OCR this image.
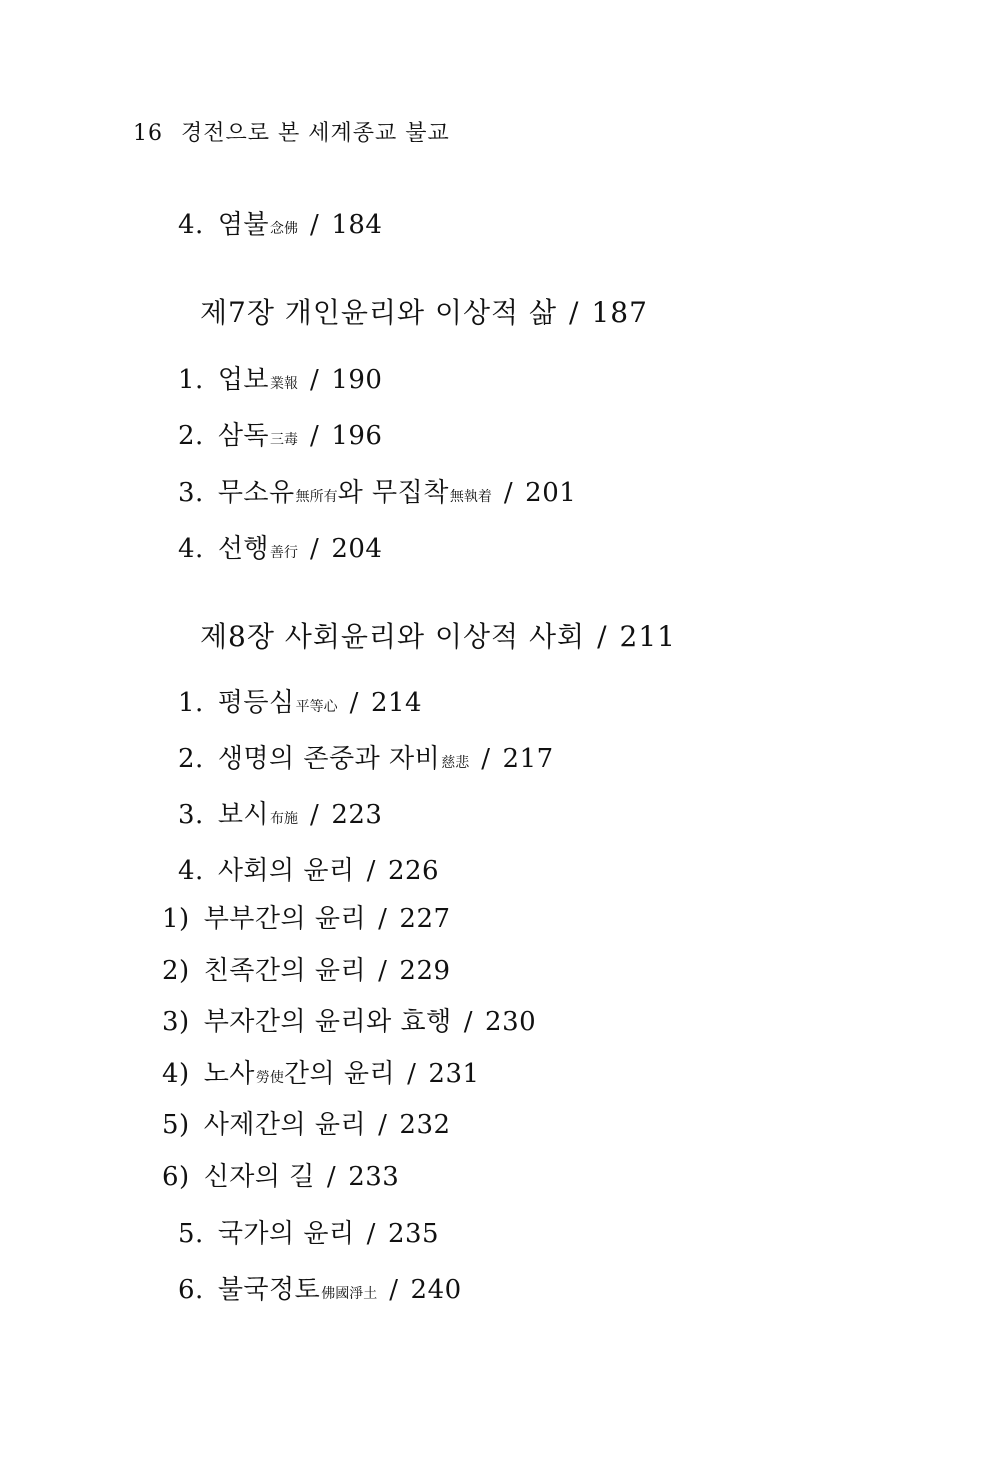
16 경전으로 본 세계종교 불교
4. 염불念佛 / 184
제7장 개인윤리와 이상적 삶 / 187
1. 업보業報 / 190
2. 삼독三毒 / 196
3. 무소유無所有와 무집착無執着 / 201
4. 선행善行 / 204
제8장 사회윤리와 이상적 사회 / 211
1. 평등심平等心 / 214
2. 생명의 존중과 자비慈悲 / 217
3. 보시布施 / 223
4. 사회의 윤리 / 226
1) 부부간의 윤리 / 227
2) 친족간의 윤리 / 229
3) 부자간의 윤리와 효행 / 230
4) 노사勞使간의 윤리 / 231
5) 사제간의 윤리 / 232
6) 신자의 길 / 233
5. 국가의 윤리 / 235
6. 불국정토佛國淨土 / 240
